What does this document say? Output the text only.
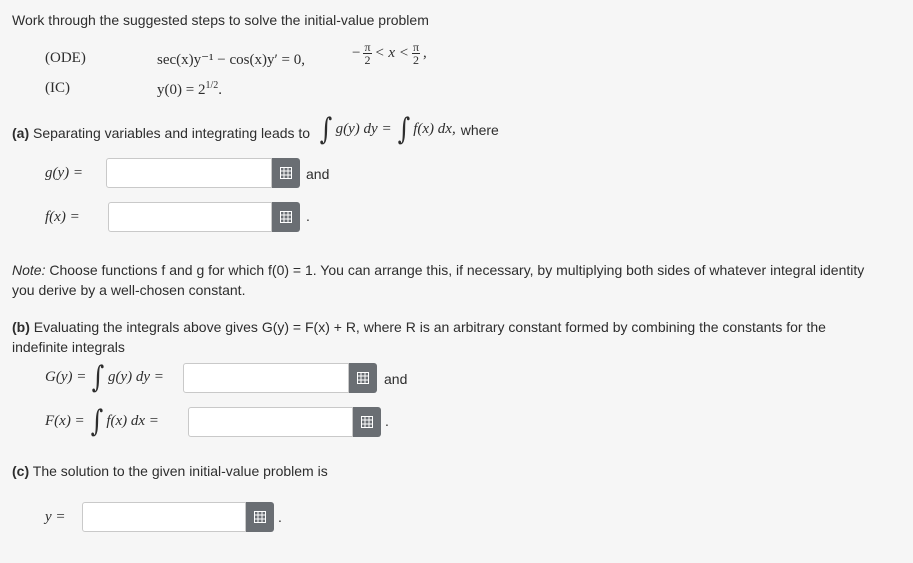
Work through the suggested steps to solve the initial-value problem
(ODE)	sec(x)y⁻¹ − cos(x)y′ = 0,	− $\frac{\pi}{2} < x < \frac{\pi}{2}$ ,
(IC)	$y(0) = 2^{1/2}$.
(a) Separating variables and integrating leads to ∫ g(y) dy = ∫ f(x) dx, where
g(y) =	and
f(x) =	.
Note: Choose functions f and g for which f(0) = 1. You can arrange this, if necessary, by multiplying both sides of whatever integral identity
you derive by a well-chosen constant.
(b) Evaluating the integrals above gives G(y) = F(x) + R, where R is an arbitrary constant formed by combining the constants for the
indefinite integrals
G(y) = ∫ g(y) dy =	and
F(x) = ∫ f(x) dx =	.
(c) The solution to the given initial-value problem is
y =	.
